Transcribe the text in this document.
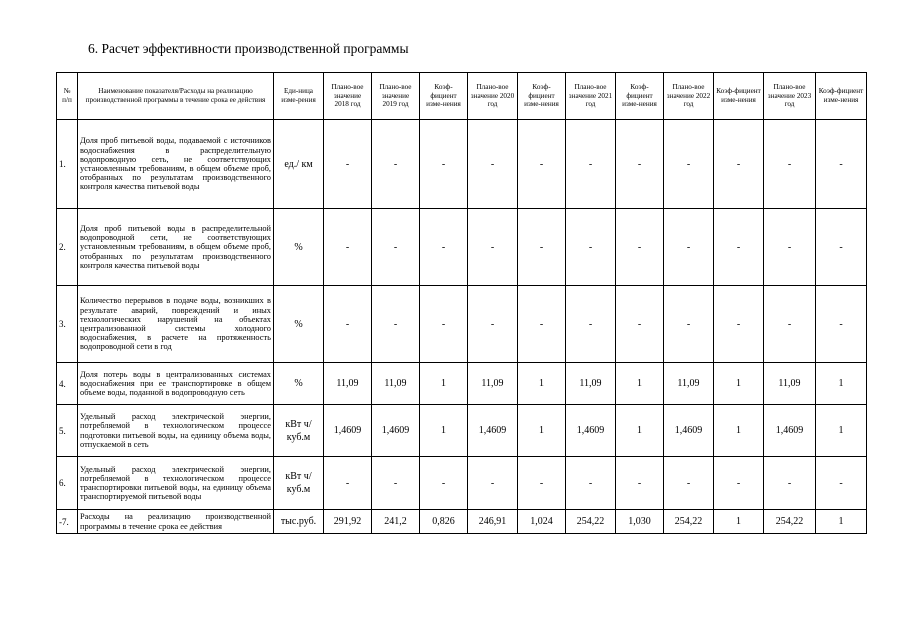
6. Расчет эффективности производственной программы
№
п/п	Наименование показателя/Расходы на реализацию производственной программы в течение срока ее действия	Еди-ница изме-рения	Плано-вое значение 2018 год	Плано-вое значение 2019 год	Коэф-фициент изме-нения	Плано-вое значение 2020 год	Коэф-фициент изме-нения	Плано-вое значение 2021 год	Коэф-фициент изме-нения	Плано-вое значение 2022 год	Коэф-фициент изме-нения	Плано-вое значение 2023 год	Коэф-фициент изме-нения
1.	Доля проб питьевой воды, подаваемой с источников водоснабжения в распределительную водопроводную сеть, не соответствующих установленным требованиям, в общем объеме проб, отобранных по результатам производственного контроля качества питьевой воды	ед./ км	-	-	-	-	-	-	-	-	-	-	-
2.	Доля проб питьевой воды в распределительной водопроводной сети, не соответствующих установленным требованиям, в общем объеме проб, отобранных по результатам производственного контроля качества питьевой воды	%	-	-	-	-	-	-	-	-	-	-	-
3.	Количество перерывов в подаче воды, возникших в результате аварий, повреждений и иных технологических нарушений на объектах централизованной системы холодного водоснабжения, в расчете на протяженность водопроводной сети в год	%	-	-	-	-	-	-	-	-	-	-	-
4.	Доля потерь воды в централизованных системах водоснабжения при ее транспортировке в общем объеме воды, поданной в водопроводную сеть	%	11,09	11,09	1	11,09	1	11,09	1	11,09	1	11,09	1
5.	Удельный расход электрической энергии, потребляемой в технологическом процессе подготовки питьевой воды, на единицу объема воды, отпускаемой в сеть	кВт ч/куб.м	1,4609	1,4609	1	1,4609	1	1,4609	1	1,4609	1	1,4609	1
6.	Удельный расход электрической энергии, потребляемой в технологическом процессе транспортировки питьевой воды, на единицу объема транспортируемой питьевой воды	кВт ч/куб.м	-	-	-	-	-	-	-	-	-	-	-
-7.	Расходы на реализацию производственной программы в течение срока ее действия	тыс.руб.	291,92	241,2	0,826	246,91	1,024	254,22	1,030	254,22	1	254,22	1
